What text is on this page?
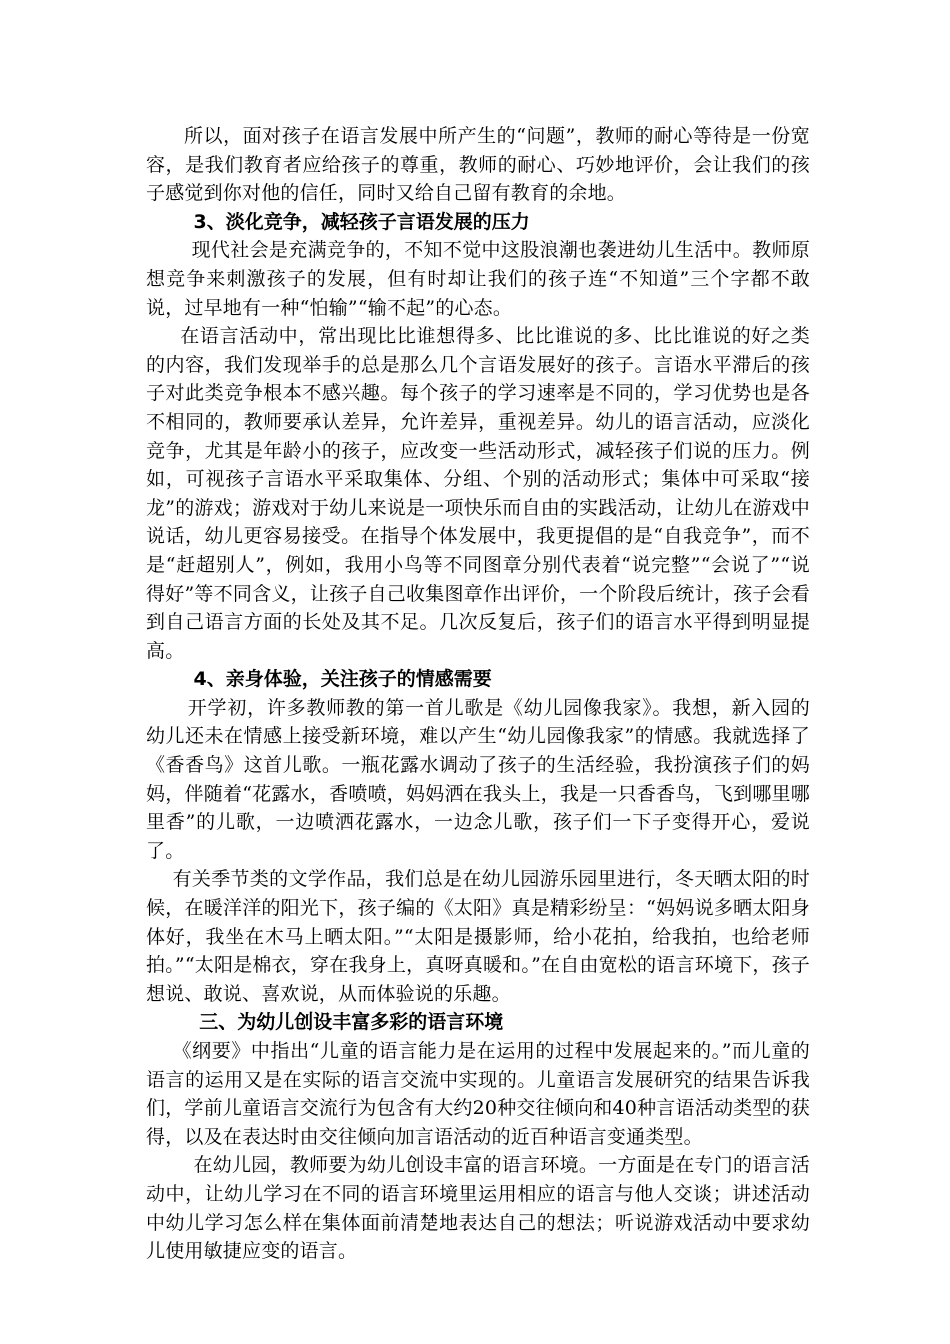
所以，面对孩子在语言发展中所产生的“问题”，教师的耐心等待是一份宽容，是我们教育者应给孩子的尊重，教师的耐心、巧妙地评价，会让我们的孩子感觉到你对他的信任，同时又给自己留有教育的余地。

3、淡化竞争，减轻孩子言语发展的压力

现代社会是充满竞争的，不知不觉中这股浪潮也袭进幼儿生活中。教师原想竞争来刺激孩子的发展，但有时却让我们的孩子连“不知道”三个字都不敢说，过早地有一种“怕输”“输不起”的心态。

在语言活动中，常出现比比谁想得多、比比谁说的多、比比谁说的好之类的内容，我们发现举手的总是那么几个言语发展好的孩子。言语水平滞后的孩子对此类竞争根本不感兴趣。每个孩子的学习速率是不同的，学习优势也是各不相同的，教师要承认差异，允许差异，重视差异。幼儿的语言活动，应淡化竞争，尤其是年龄小的孩子，应改变一些活动形式，减轻孩子们说的压力。例如，可视孩子言语水平采取集体、分组、个别的活动形式；集体中可采取“接龙”的游戏；游戏对于幼儿来说是一项快乐而自由的实践活动，让幼儿在游戏中说话，幼儿更容易接受。在指导个体发展中，我更提倡的是“自我竞争”，而不是“赶超别人”，例如，我用小鸟等不同图章分别代表着“说完整”“会说了”“说得好”等不同含义，让孩子自己收集图章作出评价，一个阶段后统计，孩子会看到自己语言方面的长处及其不足。几次反复后，孩子们的语言水平得到明显提高。

4、亲身体验，关注孩子的情感需要

开学初，许多教师教的第一首儿歌是《幼儿园像我家》。我想，新入园的幼儿还未在情感上接受新环境，难以产生“幼儿园像我家”的情感。我就选择了《香香鸟》这首儿歌。一瓶花露水调动了孩子的生活经验，我扮演孩子们的妈妈，伴随着“花露水，香喷喷，妈妈洒在我头上，我是一只香香鸟，飞到哪里哪里香”的儿歌，一边喷洒花露水，一边念儿歌，孩子们一下子变得开心，爱说了。

有关季节类的文学作品，我们总是在幼儿园游乐园里进行，冬天晒太阳的时候，在暖洋洋的阳光下，孩子编的《太阳》真是精彩纷呈：“妈妈说多晒太阳身体好，我坐在木马上晒太阳。”“太阳是摄影师，给小花拍，给我拍，也给老师拍。”“太阳是棉衣，穿在我身上，真呀真暖和。”在自由宽松的语言环境下，孩子想说、敢说、喜欢说，从而体验说的乐趣。

三、为幼儿创设丰富多彩的语言环境

《纲要》中指出“儿童的语言能力是在运用的过程中发展起来的。”而儿童的语言的运用又是在实际的语言交流中实现的。儿童语言发展研究的结果告诉我们，学前儿童语言交流行为包含有大约20种交往倾向和40种言语活动类型的获得，以及在表达时由交往倾向加言语活动的近百种语言变通类型。

在幼儿园，教师要为幼儿创设丰富的语言环境。一方面是在专门的语言活动中，让幼儿学习在不同的语言环境里运用相应的语言与他人交谈；讲述活动中幼儿学习怎么样在集体面前清楚地表达自己的想法；听说游戏活动中要求幼儿使用敏捷应变的语言。
